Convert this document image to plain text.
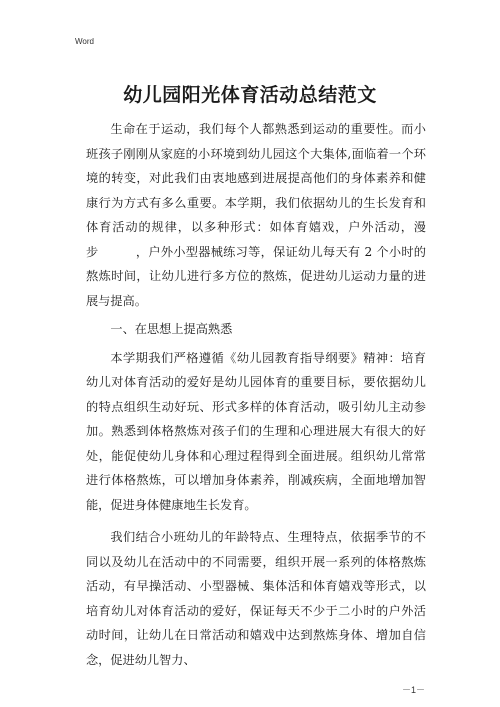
Word
幼儿园阳光体育活动总结范文

生命在于运动，我们每个人都熟悉到运动的重要性。而小班孩子刚刚从家庭的小环境到幼儿园这个大集体,面临着一个环境的转变，对此我们由衷地感到进展提高他们的身体素养和健康行为方式有多么重要。本学期，我们依据幼儿的生长发育和体育活动的规律，以多种形式：如体育嬉戏，户外活动，漫步　　　，户外小型器械练习等，保证幼儿每天有 2 个小时的熬炼时间，让幼儿进行多方位的熬炼，促进幼儿运动力量的进展与提高。

一、在思想上提高熟悉

本学期我们严格遵循《幼儿园教育指导纲要》精神：培育幼儿对体育活动的爱好是幼儿园体育的重要目标，要依据幼儿的特点组织生动好玩、形式多样的体育活动，吸引幼儿主动参加。熟悉到体格熬炼对孩子们的生理和心理进展大有很大的好处，能促使幼儿身体和心理过程得到全面进展。组织幼儿常常进行体格熬炼，可以增加身体素养，削减疾病，全面地增加智能，促进身体健康地生长发育。

我们结合小班幼儿的年龄特点、生理特点，依据季节的不同以及幼儿在活动中的不同需要，组织开展一系列的体格熬炼活动，有早操活动、小型器械、集体活和体育嬉戏等形式，以培育幼儿对体育活动的爱好，保证每天不少于二小时的户外活动时间，让幼儿在日常活动和嬉戏中达到熬炼身体、增加自信念，促进幼儿智力、

－1－
